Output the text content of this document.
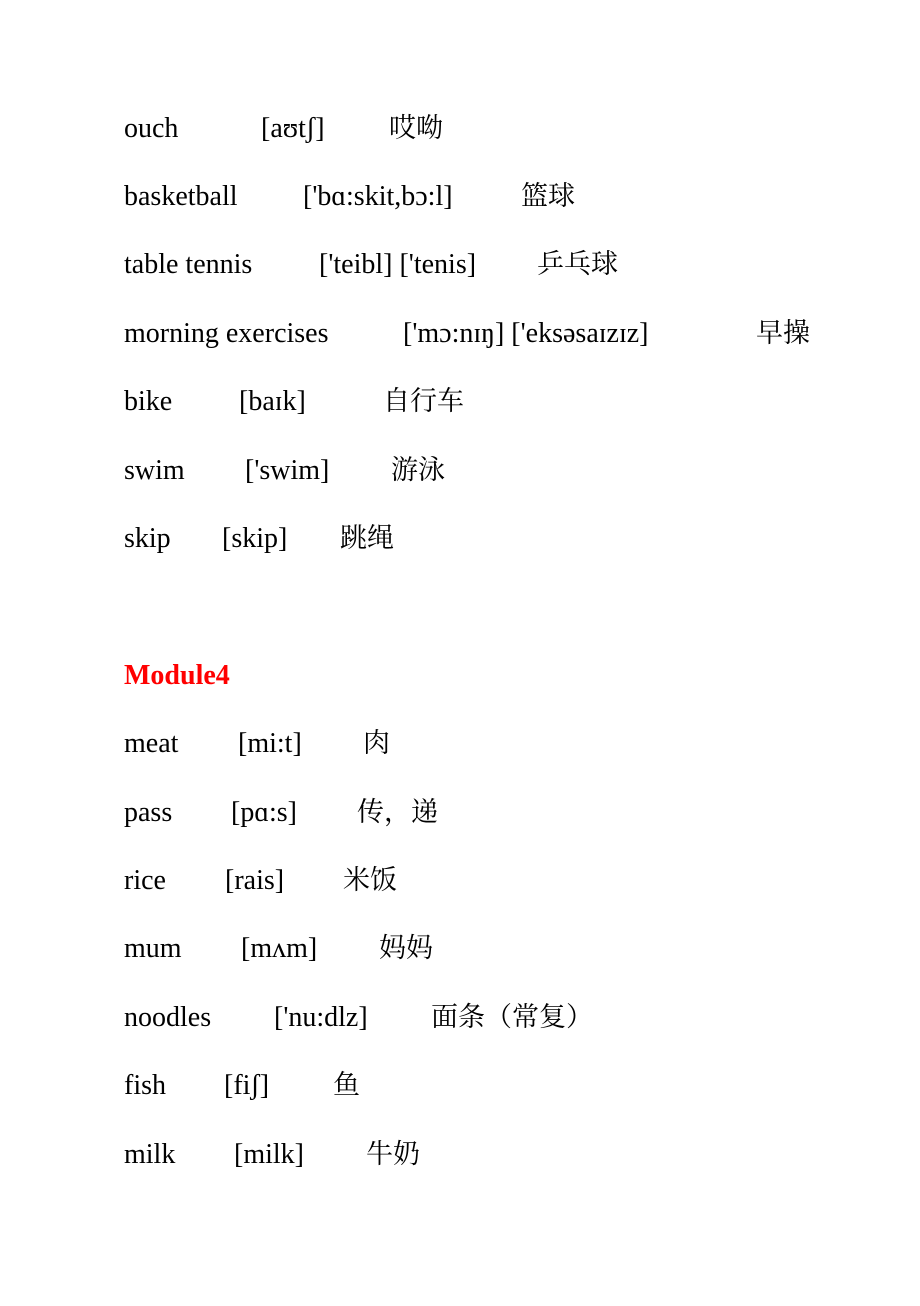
ouch	[aʊtʃ] 哎呦
basketball ['bɑ:skit,bɔ:l]	篮球
table tennis ['teibl] ['tenis] 乒乓球
morning exercises	['mɔ:nɪŋ] ['eksəsaɪzɪz]	早操
bike [baɪk]	自行车
swim ['swim] 游泳
skip [skip] 跳绳
Module4
meat [mi:t] 肉
pass [pɑ:s] 传，递
rice [rais] 米饭
mum [mʌm] 妈妈
noodles ['nu:dlz] 面条（常复）
fish [fiʃ] 鱼
milk [milk] 牛奶
